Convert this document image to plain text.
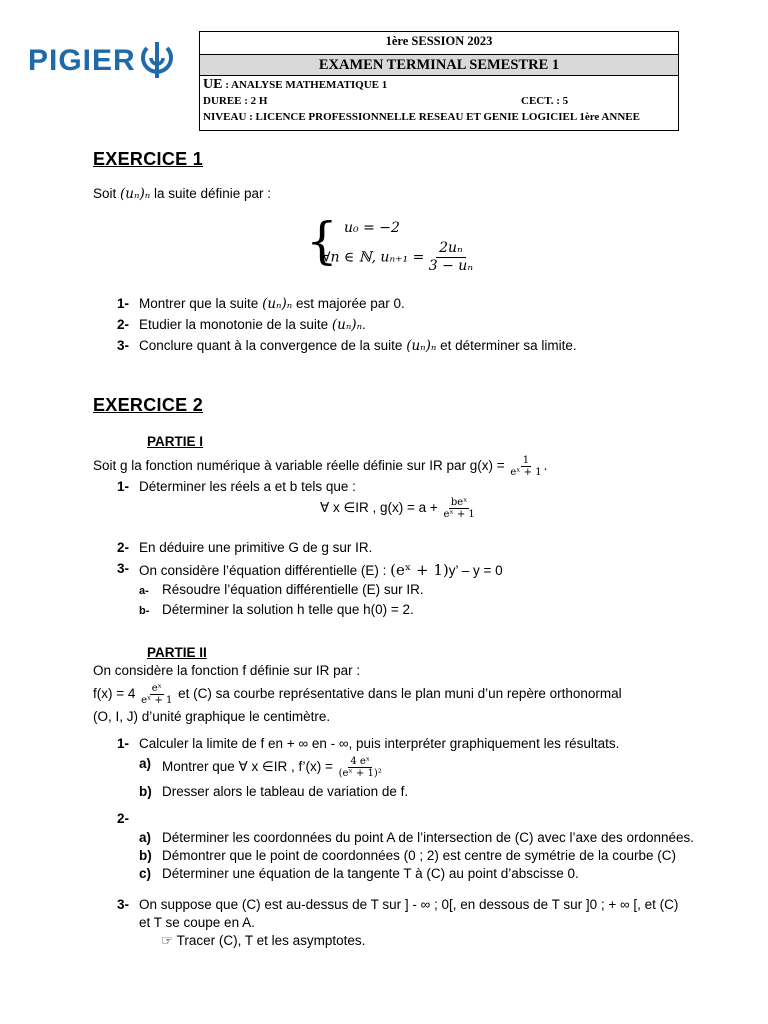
PIGIER
1ère SESSION 2023
EXAMEN TERMINAL SEMESTRE 1
UE : ANALYSE MATHEMATIQUE 1
DUREE : 2 H	CECT. : 5
NIVEAU : LICENCE PROFESSIONNELLE RESEAU ET GENIE LOGICIEL 1ère ANNEE
EXERCICE 1
Soit (uₙ)ₙ la suite définie par :
{ u₀ = −2
∀n ∈ ℕ, $u_{n+1} = \frac{\text{2uₙ}}{\text{3 − uₙ}}$
1- Montrer que la suite (uₙ)ₙ est majorée par 0.
2- Etudier la monotonie de la suite (uₙ)ₙ.
3- Conclure quant à la convergence de la suite (uₙ)ₙ et déterminer sa limite.
EXERCICE 2
PARTIE I
Soit g la fonction numérique à variable réelle définie sur IR par $g(x) = \frac{1}{\text{eˣ + 1}}$ .
1- Déterminer les réels a et b tels que :
∀ x ∈IR , $g(x) = a + \frac{\text{beˣ}}{\text{eˣ + 1}}$
2- En déduire une primitive G de g sur IR.
3- On considère l’équation différentielle (E) : (eˣ + 1)y’ – y = 0
a- Résoudre l’équation différentielle (E) sur IR.
b- Déterminer la solution h telle que h(0) = 2.
PARTIE II
On considère la fonction f définie sur IR par :
$f(x) = 4 \frac{\text{eˣ}}{\text{eˣ + 1}}$ et (C) sa courbe représentative dans le plan muni d’un repère orthonormal
(O, I, J) d’unité graphique le centimètre.
1- Calculer la limite de f en + ∞ en - ∞, puis interpréter graphiquement les résultats.
a) Montrer que ∀ x ∈IR , f’(x) = $\frac{\text{4 eˣ}}{\text{(eˣ + 1)²}}$
b) Dresser alors le tableau de variation de f.
2-
a) Déterminer les coordonnées du point A de l’intersection de (C) avec l’axe des ordonnées.
b) Démontrer que le point de coordonnées (0 ; 2) est centre de symétrie de la courbe (C)
c) Déterminer une équation de la tangente T à (C) au point d’abscisse 0.
3- On suppose que (C) est au-dessus de T sur ] - ∞ ; 0[, en dessous de T sur ]0 ; + ∞ [, et (C)
et T se coupe en A.
☞ Tracer (C), T et les asymptotes.
